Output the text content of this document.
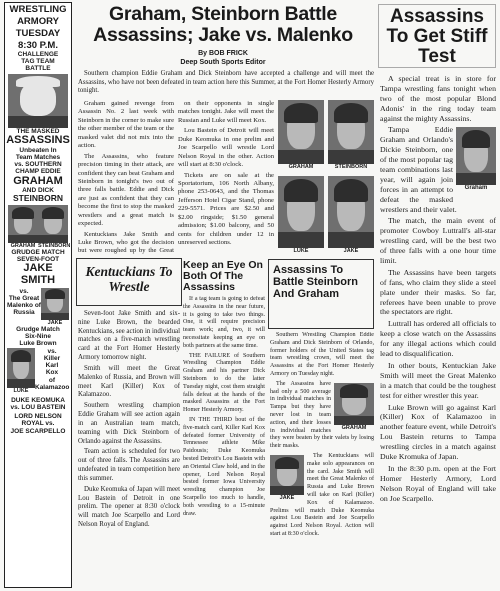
WRESTLING
ARMORY
TUESDAY
8:30 P.M.
CHALLENGE
TAG TEAM
BATTLE
THE MASKED
ASSASSINS
Unbeaten In
Team Matches
vs. SOUTHERN
CHAMP EDDIE
GRAHAM
AND DICK
STEINBORN
GRAHAM STEINBORN
GRUDGE MATCH
SEVEN-FOOT
JAKE SMITH
vs.
The Great
Malenko of
Russia
JAKE
Grudge Match
Six-Nine
Luke Brown
LUKE
vs.
Killer
Karl
Kox
of
Kalamazoo
DUKE KEOMUKA
vs. LOU BASTEIN
LORD NELSON
ROYAL vs.
JOE SCARPELLO
Graham, Steinborn Battle Assassins; Jake vs. Malenko
By BOB FRICK
Deep South Sports Editor

Southern champion Eddie Graham and Dick Steinborn have accepted a challenge and will meet the Assassins, who have not been defeated in team action here this Summer, at the Fort Homer Hesterly Armory tonight.

Graham gained revenge from Assassin No. 2 last week with Steinborn in the corner to make sure the other member of the team or the masked valet did not mix into the action.

The Assassins, who feature precision timing in their attack, are confident they can beat Graham and Steinborn in tonight's two out of three falls battle. Eddie and Dick are just as confident that they can become the first to stop the masked wrestlers and a great match is expected.

Kentuckians Jake Smith and Luke Brown, who got the decision but were roughed up by the Great

on their opponents in single matches tonight. Jake will meet the Russian and Luke will meet Kox.

Lou Bastein of Detroit will meet Duke Keomuka in one prelim and Joe Scarpello will wrestle Lord Nelson Royal in the other. Action will start at 8:30 o'clock.

Tickets are on sale at the Sportatorium, 106 North Albany, phone 253-0643, and the Thomas Jefferson Hotel Cigar Stand, phone 229-5571. Prices are $2.50 and $2.00 ringside; $1.50 general admission; $1.00 balcony, and 50 cents for children under 12 in unreserved sections.

GRAHAM	STEINBORN
LUKE	JAKE
Kentuckians To Wrestle

Seven-foot Jake Smith and six-nine Luke Brown, the bearded Kentuckians, see action in individual matches on a five-match wrestling card at the Fort Homer Hesterly Armory tomorrow night.

Smith will meet the Great Malenko of Russia, and Brown will meet Karl (Killer) Kox of Kalamazoo.

Southern wrestling champion Eddie Graham will see action again in an Australian team match, teaming with Dick Steinborn of Orlando against the Assassins.

Team action is scheduled for two out of three falls. The Assassins are undefeated in team competition here this summer.

Duke Keomuka of Japan will meet Lou Bastein of Detroit in one prelim. The opener at 8:30 o'clock will match Joe Scarpello and Lord Nelson Royal of England.

Keep an Eye On Both Of The Assassins

If a tag team is going to defeat the Assassins in the near future, it is going to take two things. One, it will require precision team work; and, two, it will necessitate keeping an eye on both partners at the same time.

THE FAILURE of Southern Wrestling Champion Eddie Graham and his partner Dick Steinborn to do the latter Tuesday night, cost them straight falls defeat at the hands of the masked Assassins at the Fort Homer Hesterly Armory.

IN THE THIRD bout of the five-match card, Killer Karl Kox defeated former University of Tennessee athlete Mike Paidousis; Duke Keomuka bested Detroit's Lou Bastein with an Oriental Claw hold, and in the opener, Lord Nelson Royal bested former Iowa University wrestling champion Joe Scarpello too much to handle, both wrestling to a 15-minute draw.

Assassins To Battle Steinborn And Graham

Southern Wrestling Champion Eddie Graham and Dick Steinborn of Orlando, former holders of the United States tag team wrestling crown, will meet the Assassins at the Fort Homer Hesterly Armory on Tuesday night.

GRAHAM

The Assassins have had only a 500 average in individual matches in Tampa but they have never lost in team action, and their losses in individual matches they were beaten by their valets by losing their masks.

JAKE

The Kentuckians will make solo appearances on the card. Jake Smith will meet the Great Malenko of Russia and Luke Brown will take on Karl (Killer) Kox of Kalamazoo. Prelims will match Duke Keomuka against Lou Bastein and Joe Scarpello against Lord Nelson Royal. Action will start at 8:30 o'clock.

Assassins To Get Stiff Test

A special treat is in store for Tampa wrestling fans tonight when two of the most popular Blond Adonis' in the ring today team against the mighty Assassins.

Graham

Tampa Eddie Graham and Orlando's Dickie Steinborn, one of the most popular tag team combinations last year, will again join forces in an attempt to defeat the masked wrestlers and their valet.

The match, the main event of promoter Cowboy Luttrall's all-star wrestling card, will be the best two of three falls with a one hour time limit.

The Assassins have been targets of fans, who claim they slide a steel plate under their masks. So far, referees have been unable to prove the spectators are right.

Luttrall has ordered all officials to keep a close watch on the Assassins for any illegal actions which could lead to disqualification.

In other bouts, Kentuckian Jake Smith will meet the Great Malenko in a match that could be the toughest test for either wrestler this year.

Luke Brown will go against Karl (Killer) Kox of Kalamazoo in another feature event, while Detroit's Lou Bastein returns to Tampa wrestling circles in a match against Duke Kromuka of Japan.

In the 8:30 p.m. open at the Fort Homer Hesterly Armory, Lord Nelson Royal of England will take on Joe Scarpello.
